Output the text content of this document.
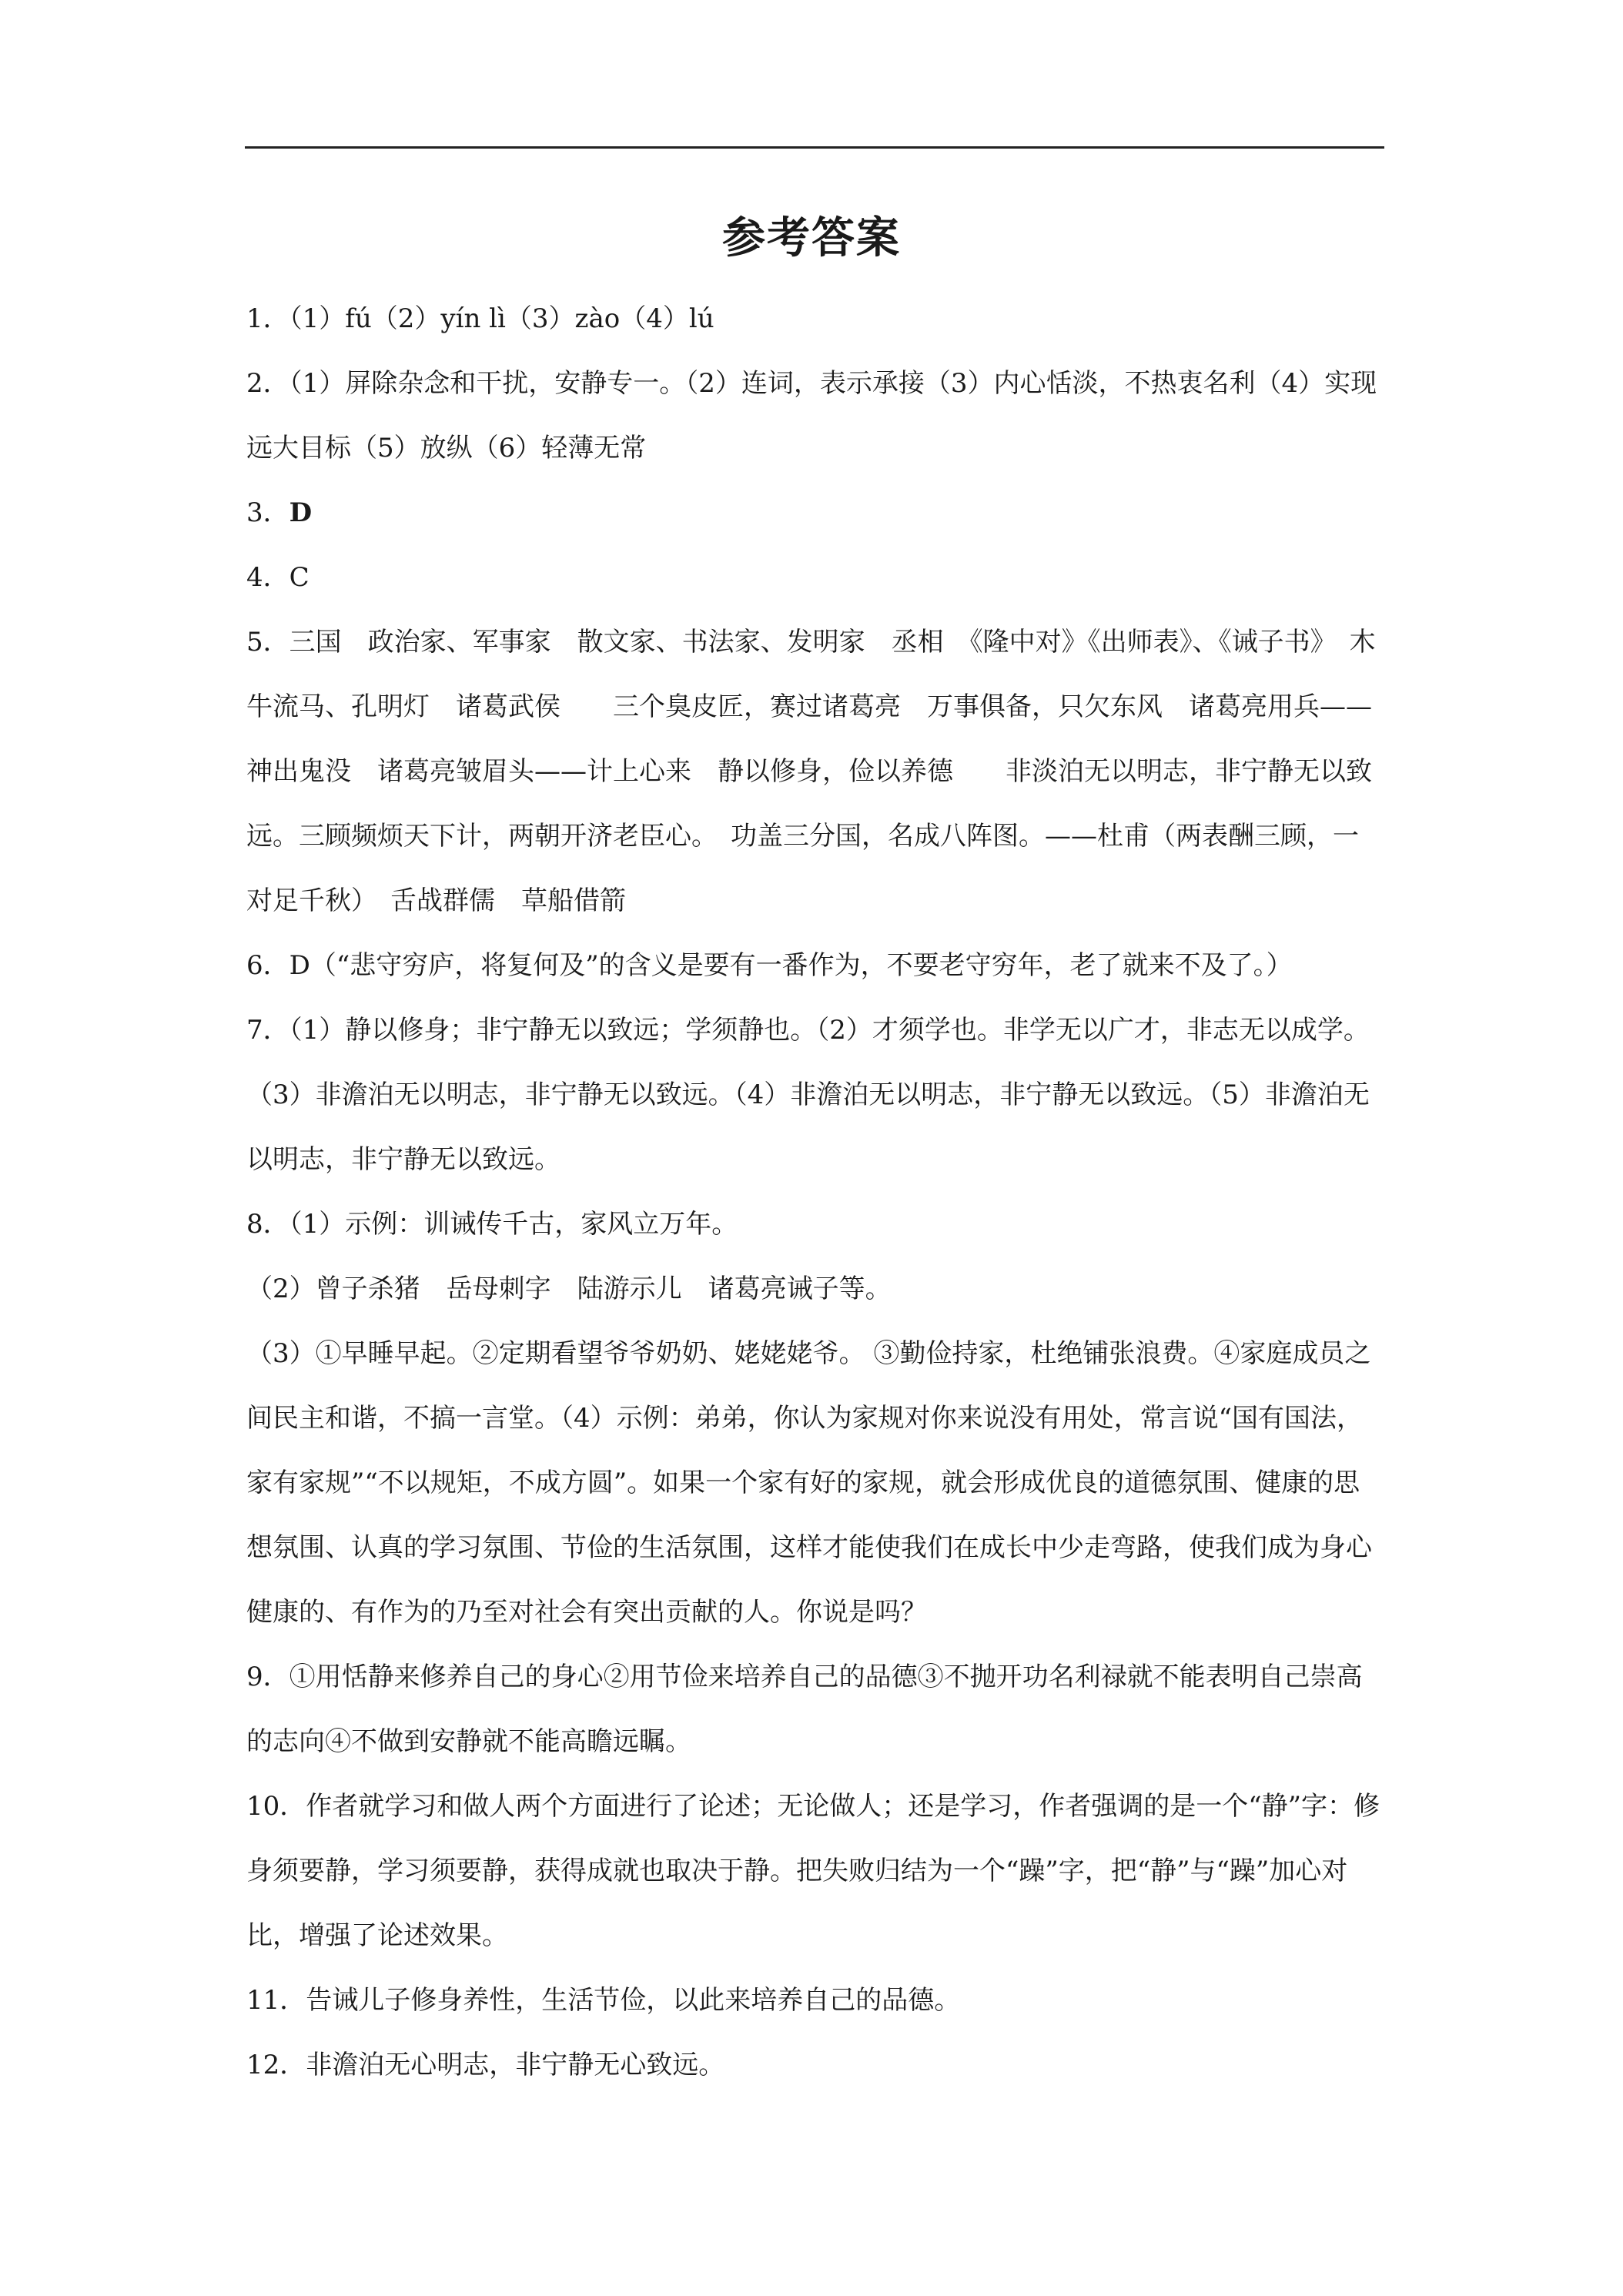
参考答案

1．（1）fú（2）yín lì（3）zào（4）lú

2．（1）屏除杂念和干扰，安静专一。（2）连词，表示承接（3）内心恬淡，不热衷名利（4）实现远大目标（5）放纵（6）轻薄无常

3．D

4．C

5．三国　政治家、军事家　散文家、书法家、发明家　丞相　《隆中对》《出师表》、《诫子书》　木牛流马、孔明灯　诸葛武侯　　三个臭皮匠，赛过诸葛亮　万事俱备，只欠东风　诸葛亮用兵——神出鬼没　诸葛亮皱眉头——计上心来　静以修身，俭以养德　　非淡泊无以明志，非宁静无以致远。三顾频烦天下计，两朝开济老臣心。　功盖三分国，名成八阵图。——杜甫（两表酬三顾，一对足千秋）　舌战群儒　草船借箭

6．D（“悲守穷庐，将复何及”的含义是要有一番作为，不要老守穷年，老了就来不及了。）

7．（1）静以修身；非宁静无以致远；学须静也。（2）才须学也。非学无以广才，非志无以成学。（3）非澹泊无以明志，非宁静无以致远。（4）非澹泊无以明志，非宁静无以致远。（5）非澹泊无以明志，非宁静无以致远。

8．（1）示例：训诫传千古，家风立万年。

（2）曾子杀猪　岳母刺字　陆游示儿　诸葛亮诫子等。

（3）①早睡早起。②定期看望爷爷奶奶、姥姥姥爷。 ③勤俭持家，杜绝铺张浪费。④家庭成员之间民主和谐，不搞一言堂。（4）示例：弟弟，你认为家规对你来说没有用处，常言说“国有国法，家有家规”“不以规矩，不成方圆”。如果一个家有好的家规，就会形成优良的道德氛围、健康的思想氛围、认真的学习氛围、节俭的生活氛围，这样才能使我们在成长中少走弯路，使我们成为身心健康的、有作为的乃至对社会有突出贡献的人。你说是吗？

9．①用恬静来修养自己的身心②用节俭来培养自己的品德③不抛开功名利禄就不能表明自己崇高的志向④不做到安静就不能高瞻远瞩。

10．作者就学习和做人两个方面进行了论述；无论做人；还是学习，作者强调的是一个“静”字：修身须要静，学习须要静，获得成就也取决于静。把失败归结为一个“躁”字，把“静”与“躁”加心对比，增强了论述效果。

11．告诫儿子修身养性，生活节俭，以此来培养自己的品德。

12．非澹泊无心明志，非宁静无心致远。
